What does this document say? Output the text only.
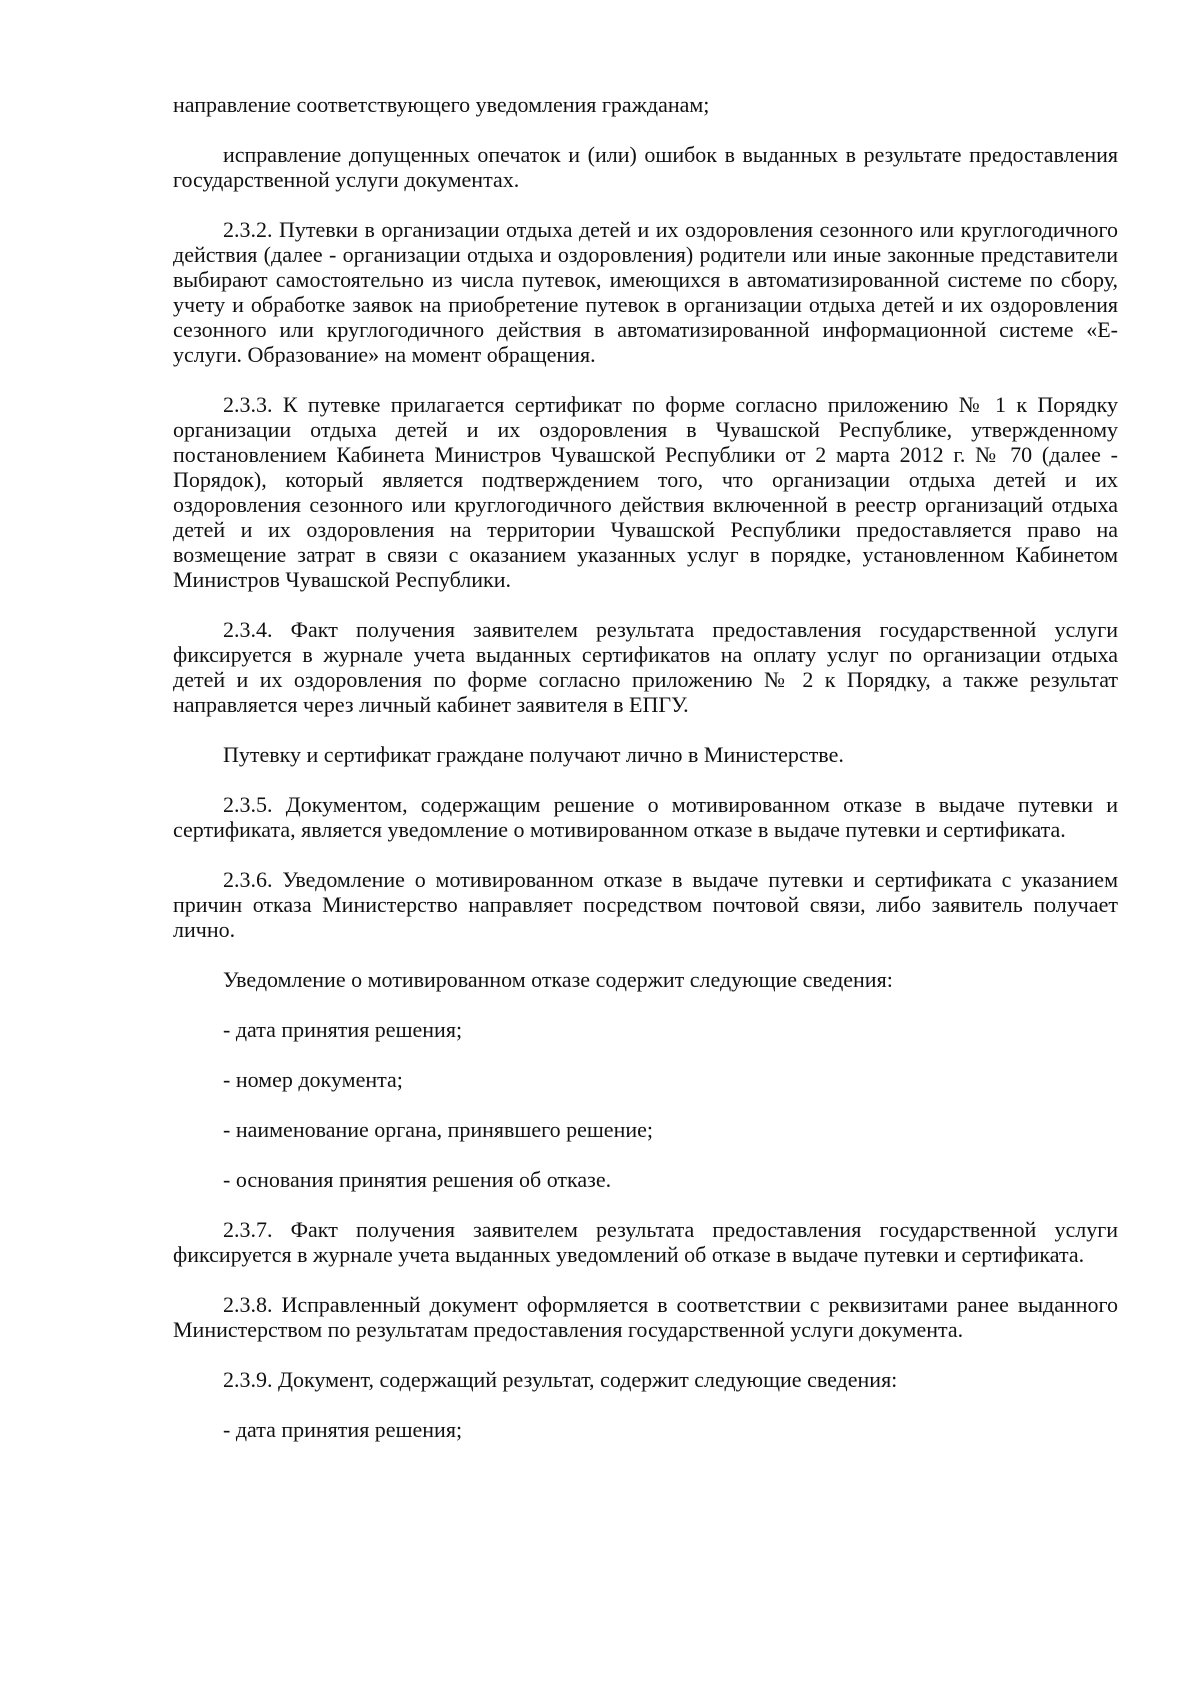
направление соответствующего уведомления гражданам;

исправление допущенных опечаток и (или) ошибок в выданных в результате предоставления государственной услуги документах.

2.3.2. Путевки в организации отдыха детей и их оздоровления сезонного или круглогодичного действия (далее - организации отдыха и оздоровления) родители или иные законные представители выбирают самостоятельно из числа путевок, имеющихся в автоматизированной системе по сбору, учету и обработке заявок на приобретение путевок в организации отдыха детей и их оздоровления сезонного или круглогодичного действия в автоматизированной информационной системе «Е-услуги. Образование» на момент обращения.

2.3.3. К путевке прилагается сертификат по форме согласно приложению № 1 к Порядку организации отдыха детей и их оздоровления в Чувашской Республике, утвержденному постановлением Кабинета Министров Чувашской Республики от 2 марта 2012 г. № 70 (далее - Порядок), который является подтверждением того, что организации отдыха детей и их оздоровления сезонного или круглогодичного действия включенной в реестр организаций отдыха детей и их оздоровления на территории Чувашской Республики предоставляется право на возмещение затрат в связи с оказанием указанных услуг в порядке, установленном Кабинетом Министров Чувашской Республики.

2.3.4. Факт получения заявителем результата предоставления государственной услуги фиксируется в журнале учета выданных сертификатов на оплату услуг по организации отдыха детей и их оздоровления по форме согласно приложению № 2 к Порядку, а также результат направляется через личный кабинет заявителя в ЕПГУ.

Путевку и сертификат граждане получают лично в Министерстве.

2.3.5. Документом, содержащим решение о мотивированном отказе в выдаче путевки и сертификата, является уведомление о мотивированном отказе в выдаче путевки и сертификата.

2.3.6. Уведомление о мотивированном отказе в выдаче путевки и сертификата с указанием причин отказа Министерство направляет посредством почтовой связи, либо заявитель получает лично.

Уведомление о мотивированном отказе содержит следующие сведения:

- дата принятия решения;

- номер документа;

- наименование органа, принявшего решение;

- основания принятия решения об отказе.

2.3.7. Факт получения заявителем результата предоставления государственной услуги фиксируется в журнале учета выданных уведомлений об отказе в выдаче путевки и сертификата.

2.3.8. Исправленный документ оформляется в соответствии с реквизитами ранее выданного Министерством по результатам предоставления государственной услуги документа.

2.3.9. Документ, содержащий результат, содержит следующие сведения:

- дата принятия решения;
